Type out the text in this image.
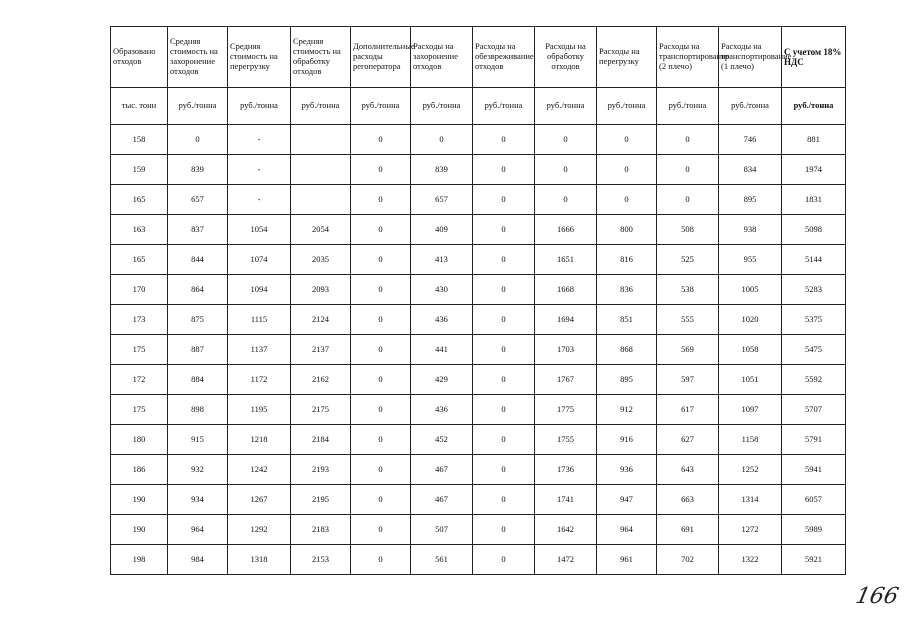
Образовано отходов	Средняя стоимость на захоронение отходов	Средняя стоимость на перегрузку	Средняя стоимость на обработку отходов	Дополнительные расходы регоператора	Расходы на захоронение отходов	Расходы на обезвреживание отходов	Расходы на обработку отходов	Расходы на перегрузку	Расходы на транспортирование (2 плечо)	Расходы на транспортирование (1 плечо)	С учетом 18% НДС
тыс. тонн	руб./тонна	руб./тонна	руб./тонна	руб./тонна	руб./тонна	руб./тонна	руб./тонна	руб./тонна	руб./тонна	руб./тонна	руб./тонна
158	0	-		0	0	0	0	0	0	746	881
159	839	-		0	839	0	0	0	0	834	1974
165	657	-		0	657	0	0	0	0	895	1831
163	837	1054	2054	0	409	0	1666	800	508	938	5098
165	844	1074	2035	0	413	0	1651	816	525	955	5144
170	864	1094	2093	0	430	0	1668	836	538	1005	5283
173	875	1115	2124	0	436	0	1694	851	555	1020	5375
175	887	1137	2137	0	441	0	1703	868	569	1058	5475
172	884	1172	2162	0	429	0	1767	895	597	1051	5592
175	898	1195	2175	0	436	0	1775	912	617	1097	5707
180	915	1218	2184	0	452	0	1755	916	627	1158	5791
186	932	1242	2193	0	467	0	1736	936	643	1252	5941
190	934	1267	2195	0	467	0	1741	947	663	1314	6057
190	964	1292	2183	0	507	0	1642	964	691	1272	5989
198	984	1318	2153	0	561	0	1472	961	702	1322	5921
166
